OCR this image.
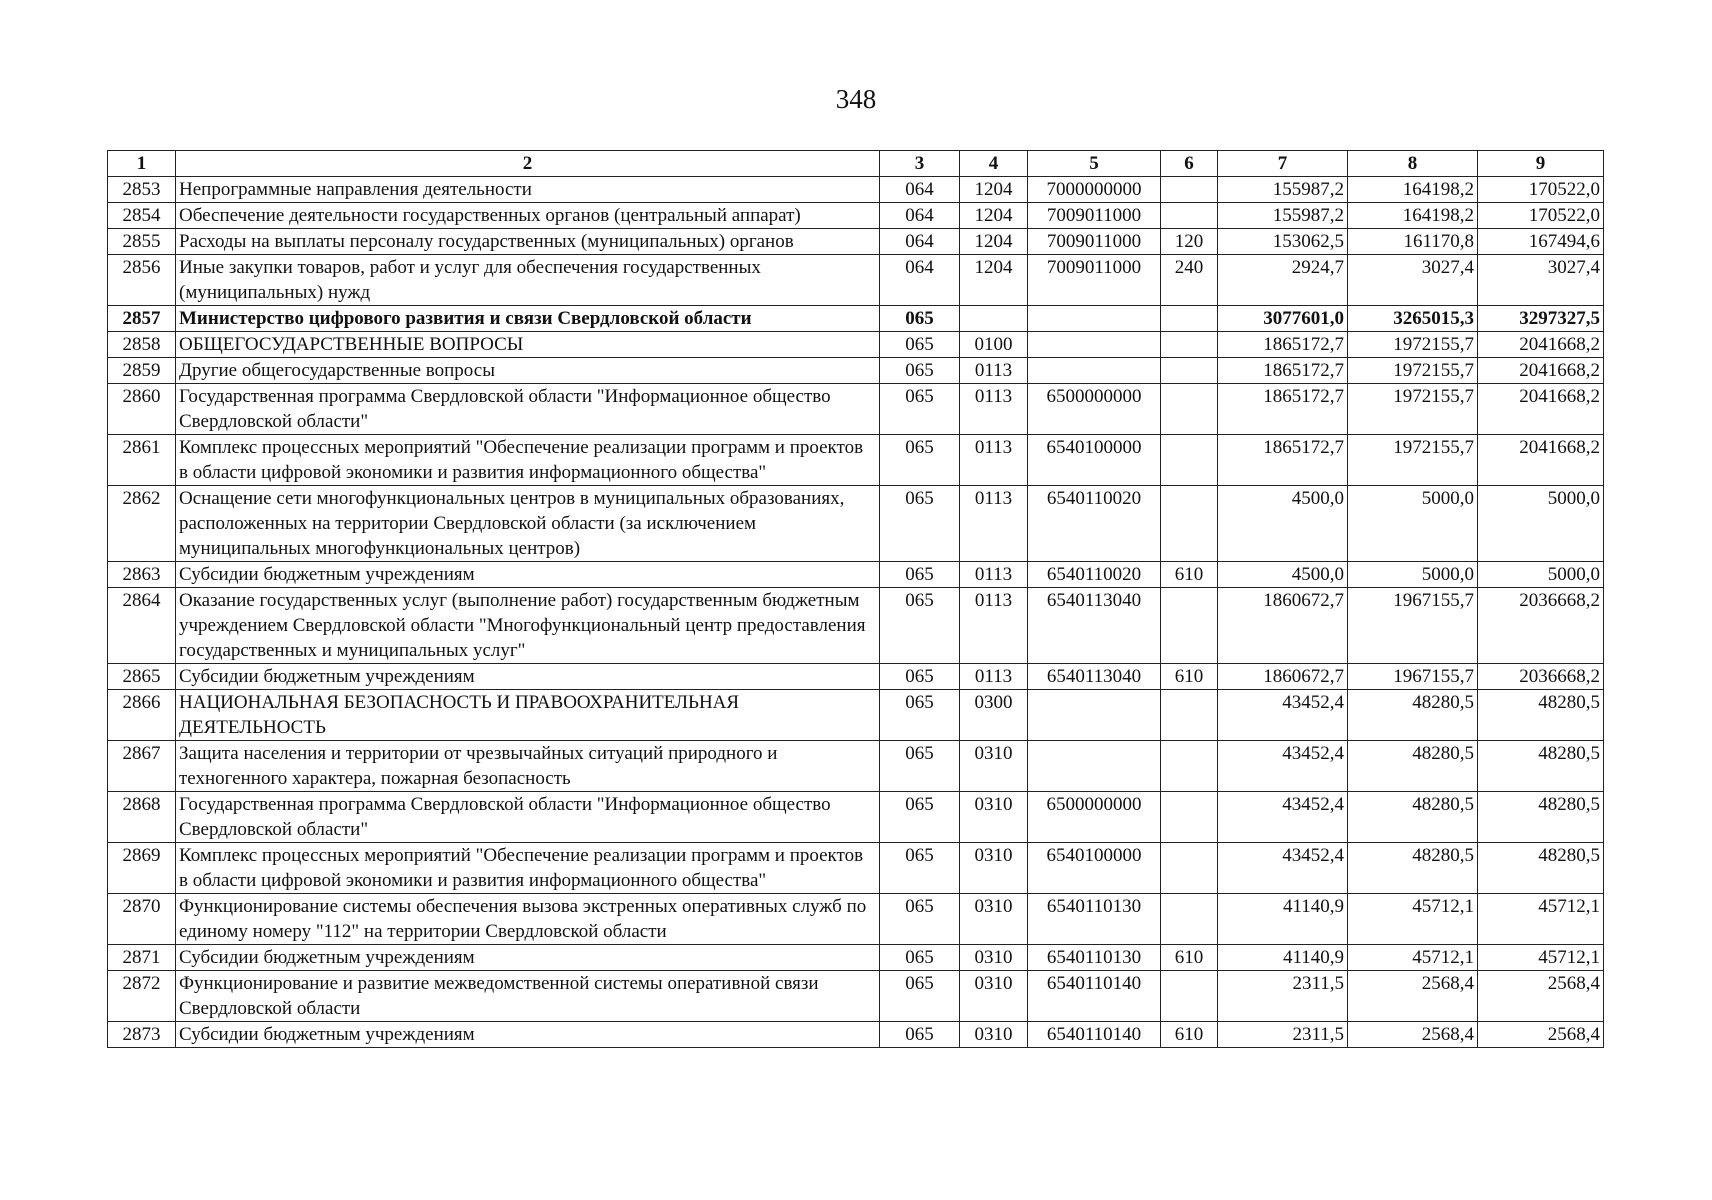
348
1	2	3	4	5	6	7	8	9
2853	Непрограммные направления деятельности	064	1204	7000000000		155987,2	164198,2	170522,0
2854	Обеспечение деятельности государственных органов (центральный аппарат)	064	1204	7009011000		155987,2	164198,2	170522,0
2855	Расходы на выплаты персоналу государственных (муниципальных) органов	064	1204	7009011000	120	153062,5	161170,8	167494,6
2856	Иные закупки товаров, работ и услуг для обеспечения государственных (муниципальных) нужд	064	1204	7009011000	240	2924,7	3027,4	3027,4
2857	Министерство цифрового развития и связи Свердловской области	065				3077601,0	3265015,3	3297327,5
2858	ОБЩЕГОСУДАРСТВЕННЫЕ ВОПРОСЫ	065	0100			1865172,7	1972155,7	2041668,2
2859	Другие общегосударственные вопросы	065	0113			1865172,7	1972155,7	2041668,2
2860	Государственная программа Свердловской области "Информационное общество Свердловской области"	065	0113	6500000000		1865172,7	1972155,7	2041668,2
2861	Комплекс процессных мероприятий "Обеспечение реализации программ и проектов в области цифровой экономики и развития информационного общества"	065	0113	6540100000		1865172,7	1972155,7	2041668,2
2862	Оснащение сети многофункциональных центров в муниципальных образованиях, расположенных на территории Свердловской области (за исключением муниципальных многофункциональных центров)	065	0113	6540110020		4500,0	5000,0	5000,0
2863	Субсидии бюджетным учреждениям	065	0113	6540110020	610	4500,0	5000,0	5000,0
2864	Оказание государственных услуг (выполнение работ) государственным бюджетным учреждением Свердловской области "Многофункциональный центр предоставления государственных и муниципальных услуг"	065	0113	6540113040		1860672,7	1967155,7	2036668,2
2865	Субсидии бюджетным учреждениям	065	0113	6540113040	610	1860672,7	1967155,7	2036668,2
2866	НАЦИОНАЛЬНАЯ БЕЗОПАСНОСТЬ И ПРАВООХРАНИТЕЛЬНАЯ ДЕЯТЕЛЬНОСТЬ	065	0300			43452,4	48280,5	48280,5
2867	Защита населения и территории от чрезвычайных ситуаций природного и техногенного характера, пожарная безопасность	065	0310			43452,4	48280,5	48280,5
2868	Государственная программа Свердловской области "Информационное общество Свердловской области"	065	0310	6500000000		43452,4	48280,5	48280,5
2869	Комплекс процессных мероприятий "Обеспечение реализации программ и проектов в области цифровой экономики и развития информационного общества"	065	0310	6540100000		43452,4	48280,5	48280,5
2870	Функционирование системы обеспечения вызова экстренных оперативных служб по единому номеру "112" на территории Свердловской области	065	0310	6540110130		41140,9	45712,1	45712,1
2871	Субсидии бюджетным учреждениям	065	0310	6540110130	610	41140,9	45712,1	45712,1
2872	Функционирование и развитие межведомственной системы оперативной связи Свердловской области	065	0310	6540110140		2311,5	2568,4	2568,4
2873	Субсидии бюджетным учреждениям	065	0310	6540110140	610	2311,5	2568,4	2568,4
